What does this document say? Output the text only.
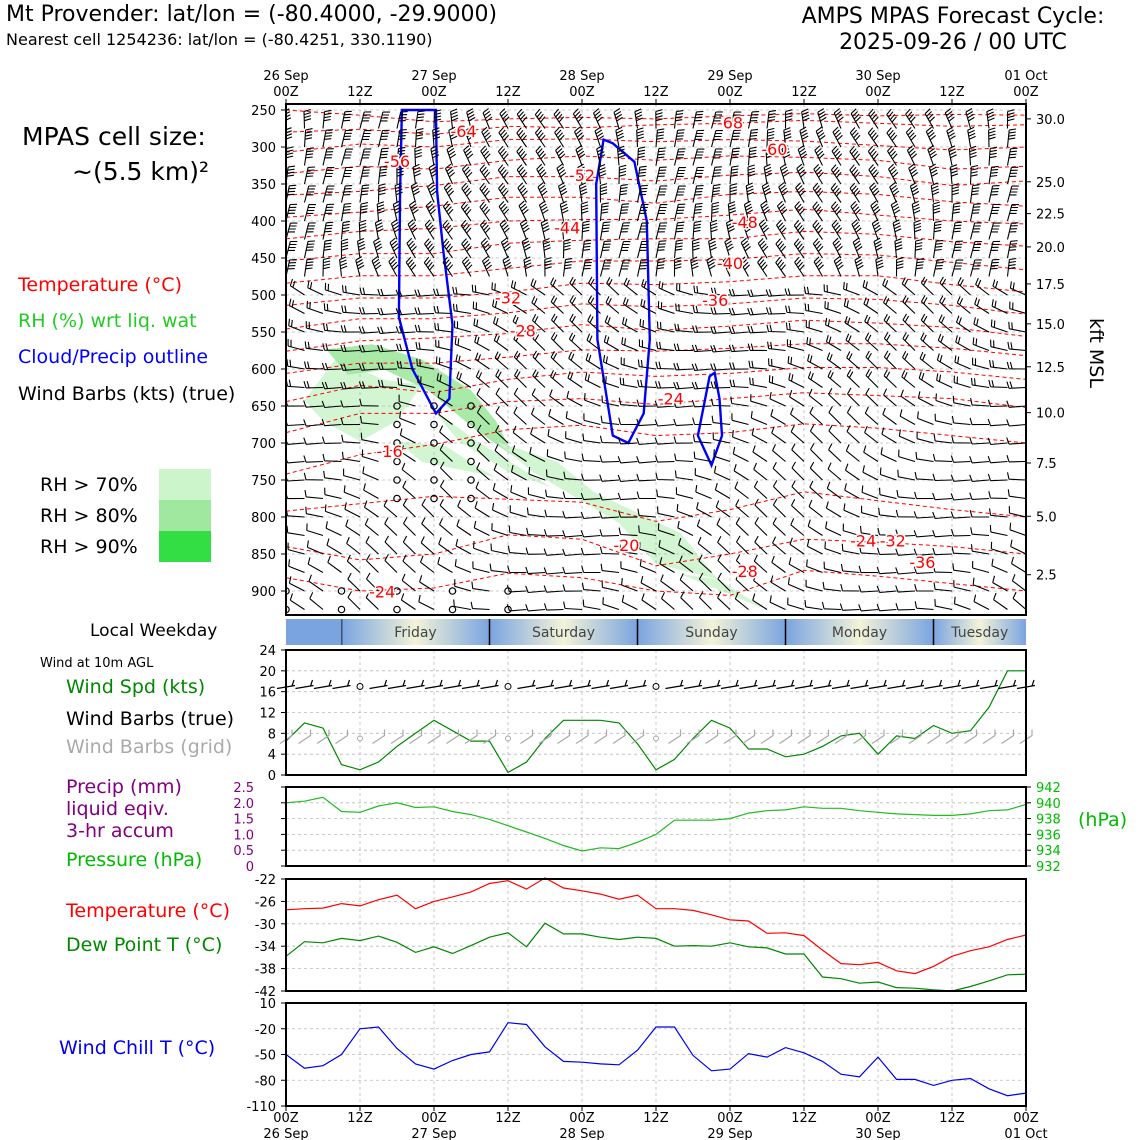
Mt Provender: lat/lon = (-80.4000, -29.9000)
Nearest cell 1254236: lat/lon = (-80.4251, 330.1190)
AMPS MPAS Forecast Cycle:
2025-09-26 / 00 UTC
MPAS cell size:
~(5.5 km)²
Temperature (°C)
RH (%) wrt liq. wat
Cloud/Precip outline
Wind Barbs (kts) (true)
RH > 70%
RH > 80%
RH > 90%
Local Weekday
Wind at 10m AGL
Wind Spd (kts)
Wind Barbs (true)
Wind Barbs (grid)
Precip (mm)
liquid eqiv.
3-hr accum
Pressure (hPa)
(hPa)
Temperature (°C)
Dew Point T (°C)
Wind Chill T (°C)
kft MSL
-68
-64
-56
-52
-44	-48
-60
-40
-32	-36
-28
-24
-16
-20	-24 -32
-28	-36
-24
250
300
350
400
450
500
550
600
650
700
750
800
850
900
30.0
25.0
22.5
20.0
17.5
15.0
12.5
10.0
7.5
5.0
2.5
Friday	Saturday	Sunday	Monday	Tuesday
0
4
8
12
16
20
24
0
0.5
1.0
1.5
2.0
2.5
932
934
936
938
940
942
-42
-38
-34
-30
-26
-22
-110
-80
-50
-20
10
00Z
26 Sep
00Z
26 Sep
12Z
12Z
00Z
27 Sep
00Z
27 Sep
12Z
12Z
00Z
28 Sep
00Z
28 Sep
12Z
12Z
00Z
29 Sep
00Z
29 Sep
12Z
12Z
00Z
30 Sep
00Z
30 Sep
12Z
12Z
00Z
01 Oct
00Z
01 Oct
